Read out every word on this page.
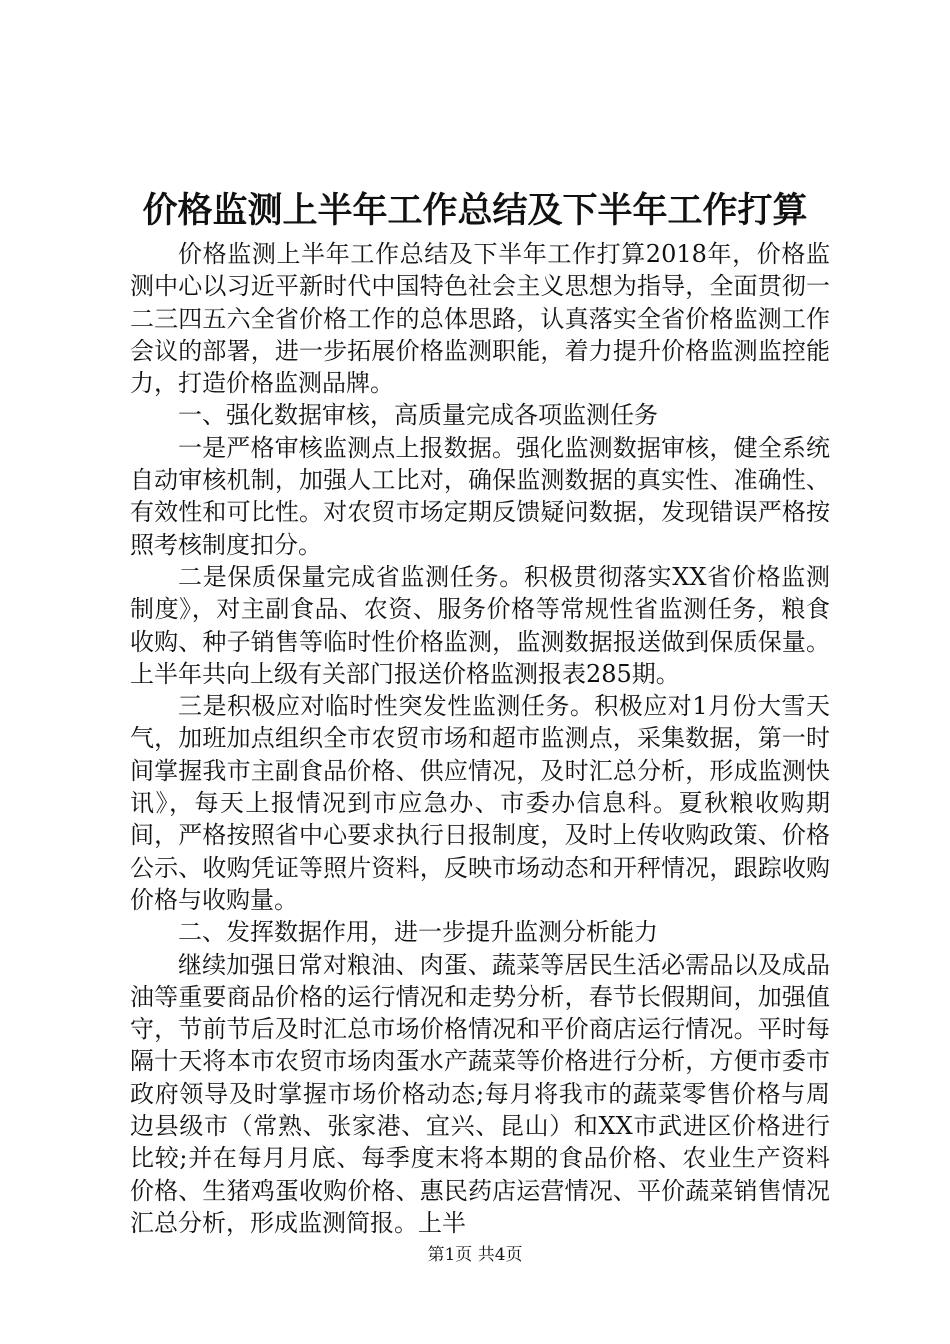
价格监测上半年工作总结及下半年工作打算

价格监测上半年工作总结及下半年工作打算2018年，价格监测中心以习近平新时代中国特色社会主义思想为指导，全面贯彻一二三四五六全省价格工作的总体思路，认真落实全省价格监测工作会议的部署，进一步拓展价格监测职能，着力提升价格监测监控能力，打造价格监测品牌。

一、强化数据审核，高质量完成各项监测任务

一是严格审核监测点上报数据。强化监测数据审核，健全系统自动审核机制，加强人工比对，确保监测数据的真实性、准确性、有效性和可比性。对农贸市场定期反馈疑问数据，发现错误严格按照考核制度扣分。

二是保质保量完成省监测任务。积极贯彻落实XX省价格监测制度》，对主副食品、农资、服务价格等常规性省监测任务，粮食收购、种子销售等临时性价格监测，监测数据报送做到保质保量。上半年共向上级有关部门报送价格监测报表285期。

三是积极应对临时性突发性监测任务。积极应对1月份大雪天气，加班加点组织全市农贸市场和超市监测点，采集数据，第一时间掌握我市主副食品价格、供应情况，及时汇总分析，形成监测快讯》，每天上报情况到市应急办、市委办信息科。夏秋粮收购期间，严格按照省中心要求执行日报制度，及时上传收购政策、价格公示、收购凭证等照片资料，反映市场动态和开秤情况，跟踪收购价格与收购量。

二、发挥数据作用，进一步提升监测分析能力

继续加强日常对粮油、肉蛋、蔬菜等居民生活必需品以及成品油等重要商品价格的运行情况和走势分析，春节长假期间，加强值守，节前节后及时汇总市场价格情况和平价商店运行情况。平时每隔十天将本市农贸市场肉蛋水产蔬菜等价格进行分析，方便市委市政府领导及时掌握市场价格动态;每月将我市的蔬菜零售价格与周边县级市（常熟、张家港、宜兴、昆山）和XX市武进区价格进行比较;并在每月月底、每季度末将本期的食品价格、农业生产资料价格、生猪鸡蛋收购价格、惠民药店运营情况、平价蔬菜销售情况汇总分析，形成监测简报。上半

第1页 共4页
